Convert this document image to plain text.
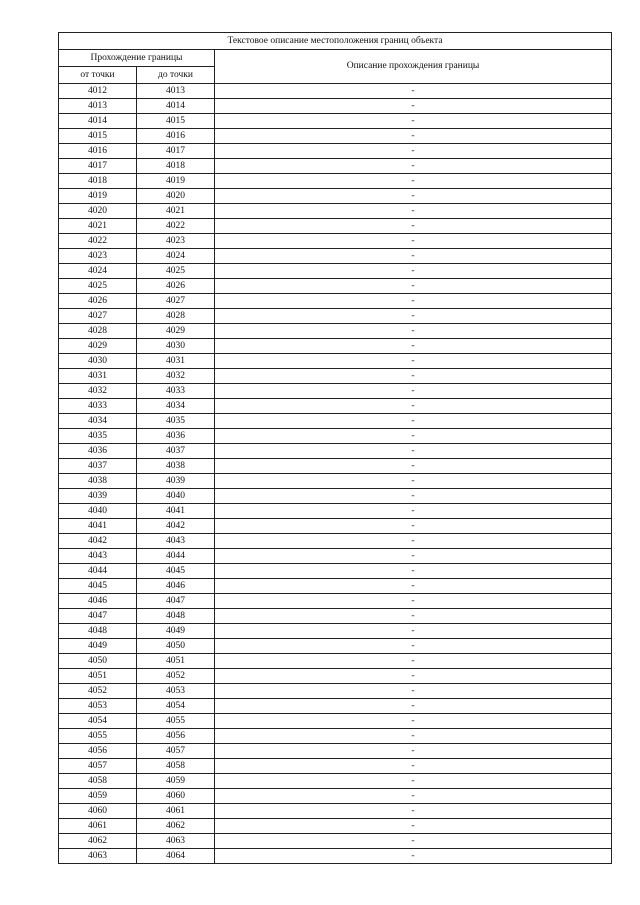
Текстовое описание местоположения границ объекта		
Прохождение границы		Описание прохождения границы
от точки	до точки	
4012	4013	-
4013	4014	-
4014	4015	-
4015	4016	-
4016	4017	-
4017	4018	-
4018	4019	-
4019	4020	-
4020	4021	-
4021	4022	-
4022	4023	-
4023	4024	-
4024	4025	-
4025	4026	-
4026	4027	-
4027	4028	-
4028	4029	-
4029	4030	-
4030	4031	-
4031	4032	-
4032	4033	-
4033	4034	-
4034	4035	-
4035	4036	-
4036	4037	-
4037	4038	-
4038	4039	-
4039	4040	-
4040	4041	-
4041	4042	-
4042	4043	-
4043	4044	-
4044	4045	-
4045	4046	-
4046	4047	-
4047	4048	-
4048	4049	-
4049	4050	-
4050	4051	-
4051	4052	-
4052	4053	-
4053	4054	-
4054	4055	-
4055	4056	-
4056	4057	-
4057	4058	-
4058	4059	-
4059	4060	-
4060	4061	-
4061	4062	-
4062	4063	-
4063	4064	-
